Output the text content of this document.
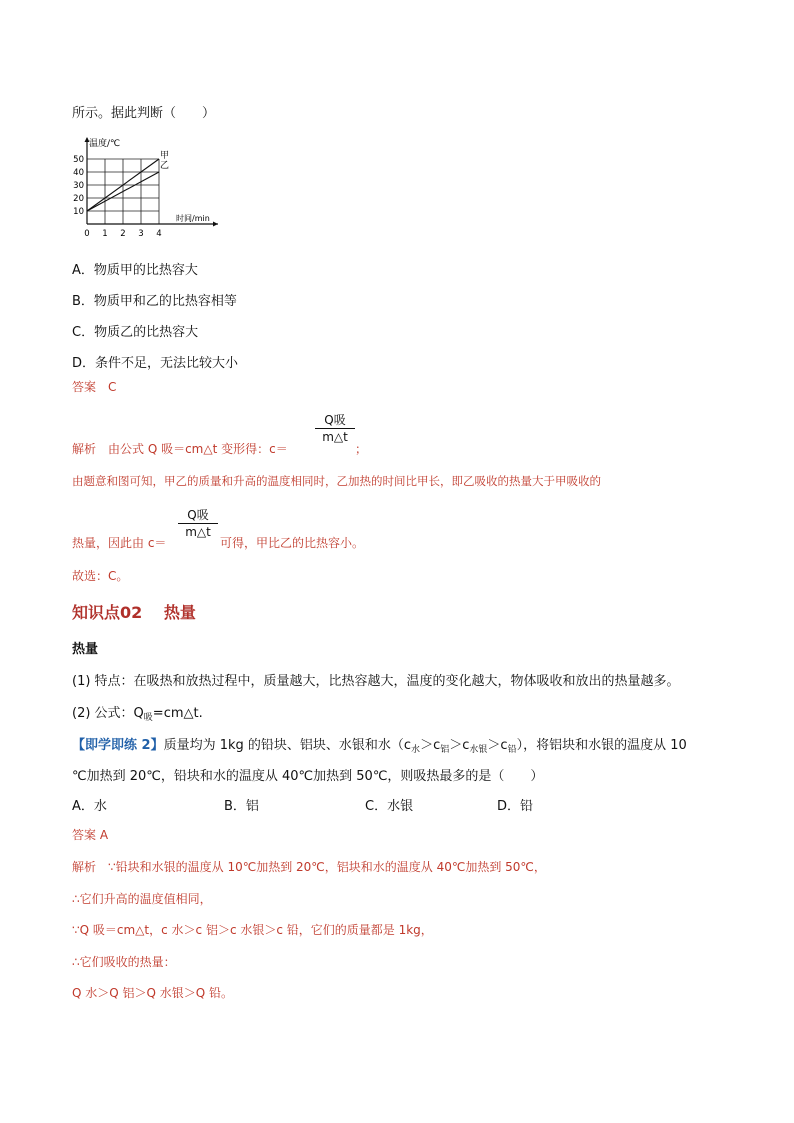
所示。据此判断（　　）
温度/℃
时间/min
10
20
30
40
50
0 1 2 3 4
甲
乙
A．物质甲的比热容大
B．物质甲和乙的比热容相等
C．物质乙的比热容大
D．条件不足，无法比较大小
答案　C
解析　由公式 Q 吸＝cm△t 变形得：c＝
Q吸
m△t
；
由题意和图可知，甲乙的质量和升高的温度相同时，乙加热的时间比甲长，即乙吸收的热量大于甲吸收的
热量，因此由 c＝
Q吸
m△t
可得，甲比乙的比热容小。
故选：C。
知识点02　 热量
热量
(1) 特点：在吸热和放热过程中，质量越大，比热容越大，温度的变化越大，物体吸收和放出的热量越多。
(2) 公式：$Q_吸=cm\triangle t$.
【即学即练 2】质量均为 1kg 的铅块、铝块、水银和水$(c_水>c_铝>c_{水银}>c_铅)$，将铝块和水银的温度从 10
℃加热到 20℃，铅块和水的温度从 40℃加热到 50℃，则吸热最多的是（　　）
A．水	B．铝	C．水银	D．铅
答案 A
解析　∵铅块和水银的温度从 10℃加热到 20℃，铝块和水的温度从 40℃加热到 50℃，
∴它们升高的温度值相同，
∵Q 吸＝cm△t，c 水＞c 铝＞c 水银＞c 铅，它们的质量都是 1kg，
∴它们吸收的热量：
Q 水＞Q 铝＞Q 水银＞Q 铅。
